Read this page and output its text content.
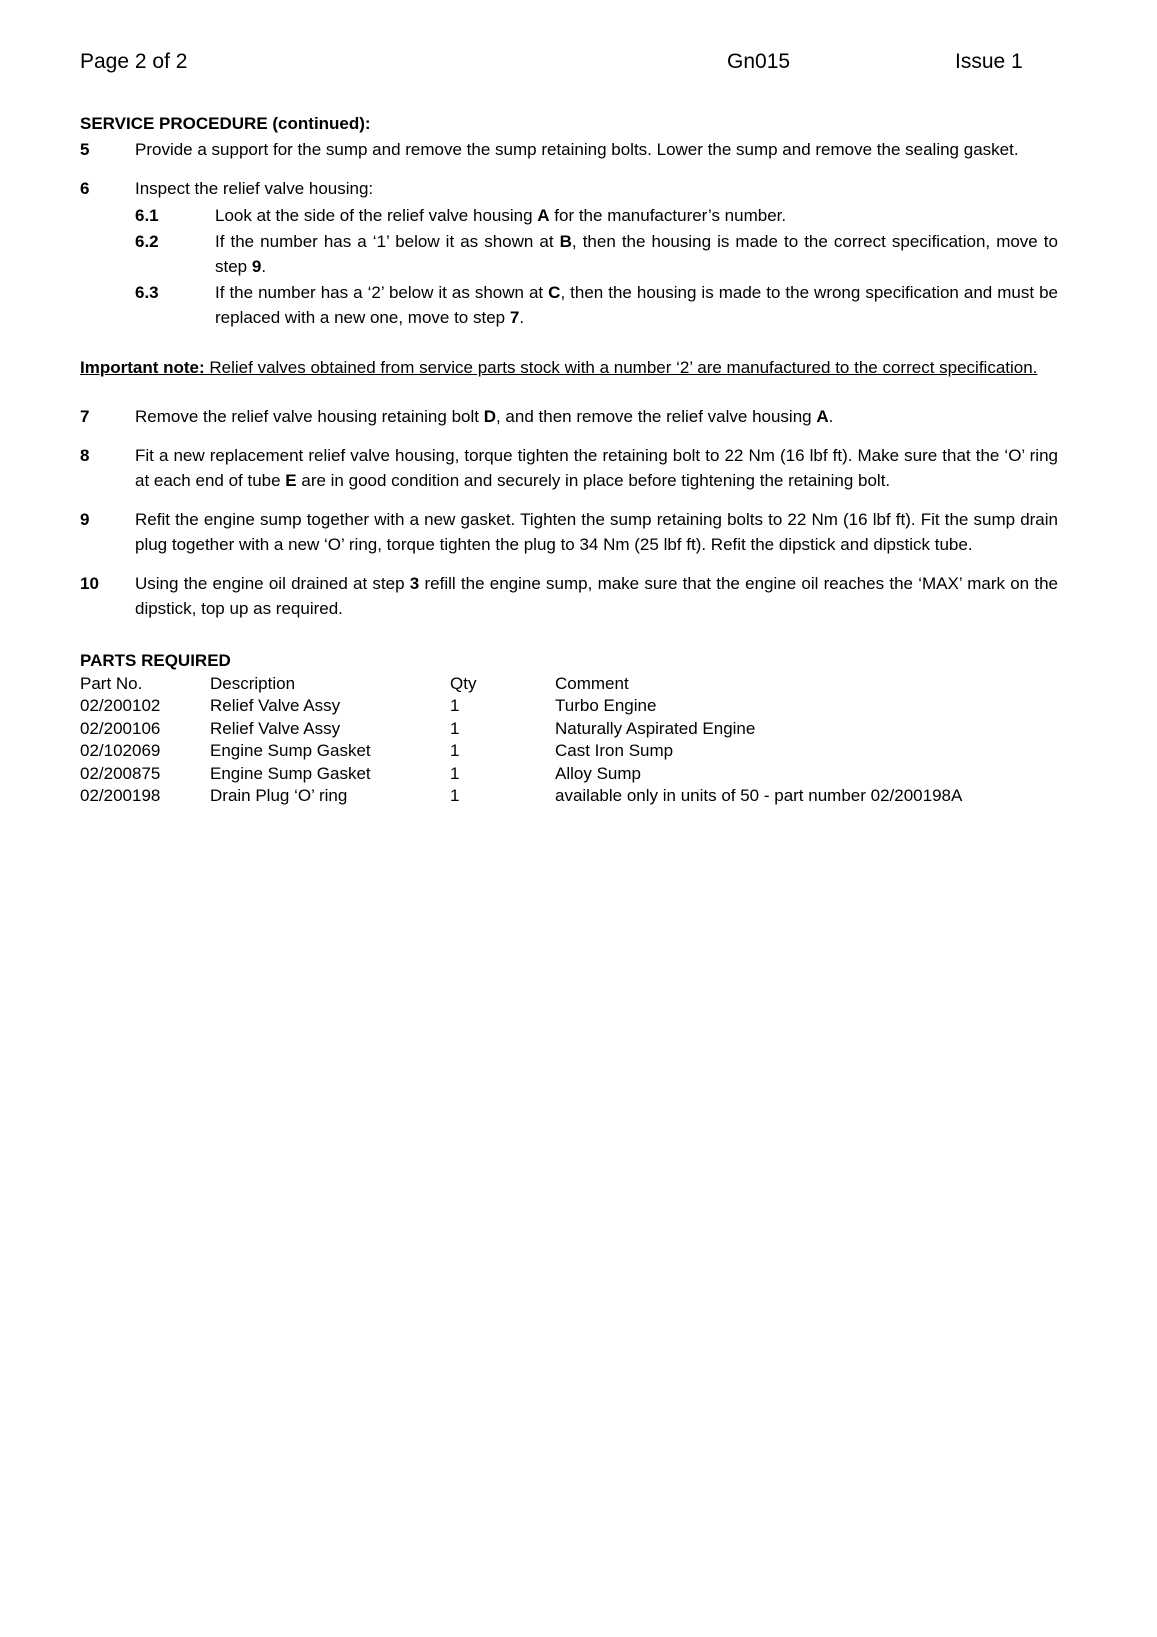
Page 2 of 2	Gn015	Issue 1
SERVICE PROCEDURE (continued):
5	Provide a support for the sump and remove the sump retaining bolts. Lower the sump and remove the sealing gasket.
6	Inspect the relief valve housing:
6.1	Look at the side of the relief valve housing A for the manufacturer’s number.
6.2	If the number has a ‘1’ below it as shown at B, then the housing is made to the correct specification, move to step 9.
6.3	If the number has a ‘2’ below it as shown at C, then the housing is made to the wrong specification and must be replaced with a new one, move to step 7.
Important note: Relief valves obtained from service parts stock with a number ‘2’ are manufactured to the correct specification.
7	Remove the relief valve housing retaining bolt D, and then remove the relief valve housing A.
8	Fit a new replacement relief valve housing, torque tighten the retaining bolt to 22 Nm (16 lbf ft). Make sure that the ‘O’ ring at each end of tube E are in good condition and securely in place before tightening the retaining bolt.
9	Refit the engine sump together with a new gasket. Tighten the sump retaining bolts to 22 Nm (16 lbf ft). Fit the sump drain plug together with a new ‘O’ ring, torque tighten the plug to 34 Nm (25 lbf ft). Refit the dipstick and dipstick tube.
10	Using the engine oil drained at step 3 refill the engine sump, make sure that the engine oil reaches the ‘MAX’ mark on the dipstick, top up as required.
PARTS REQUIRED
Part No.	Description	Qty	Comment
02/200102	Relief Valve Assy	1	Turbo Engine
02/200106	Relief Valve Assy	1	Naturally Aspirated Engine
02/102069	Engine Sump Gasket	1	Cast Iron Sump
02/200875	Engine Sump Gasket	1	Alloy Sump
02/200198	Drain Plug ‘O’ ring	1	available only in units of 50 - part number 02/200198A
